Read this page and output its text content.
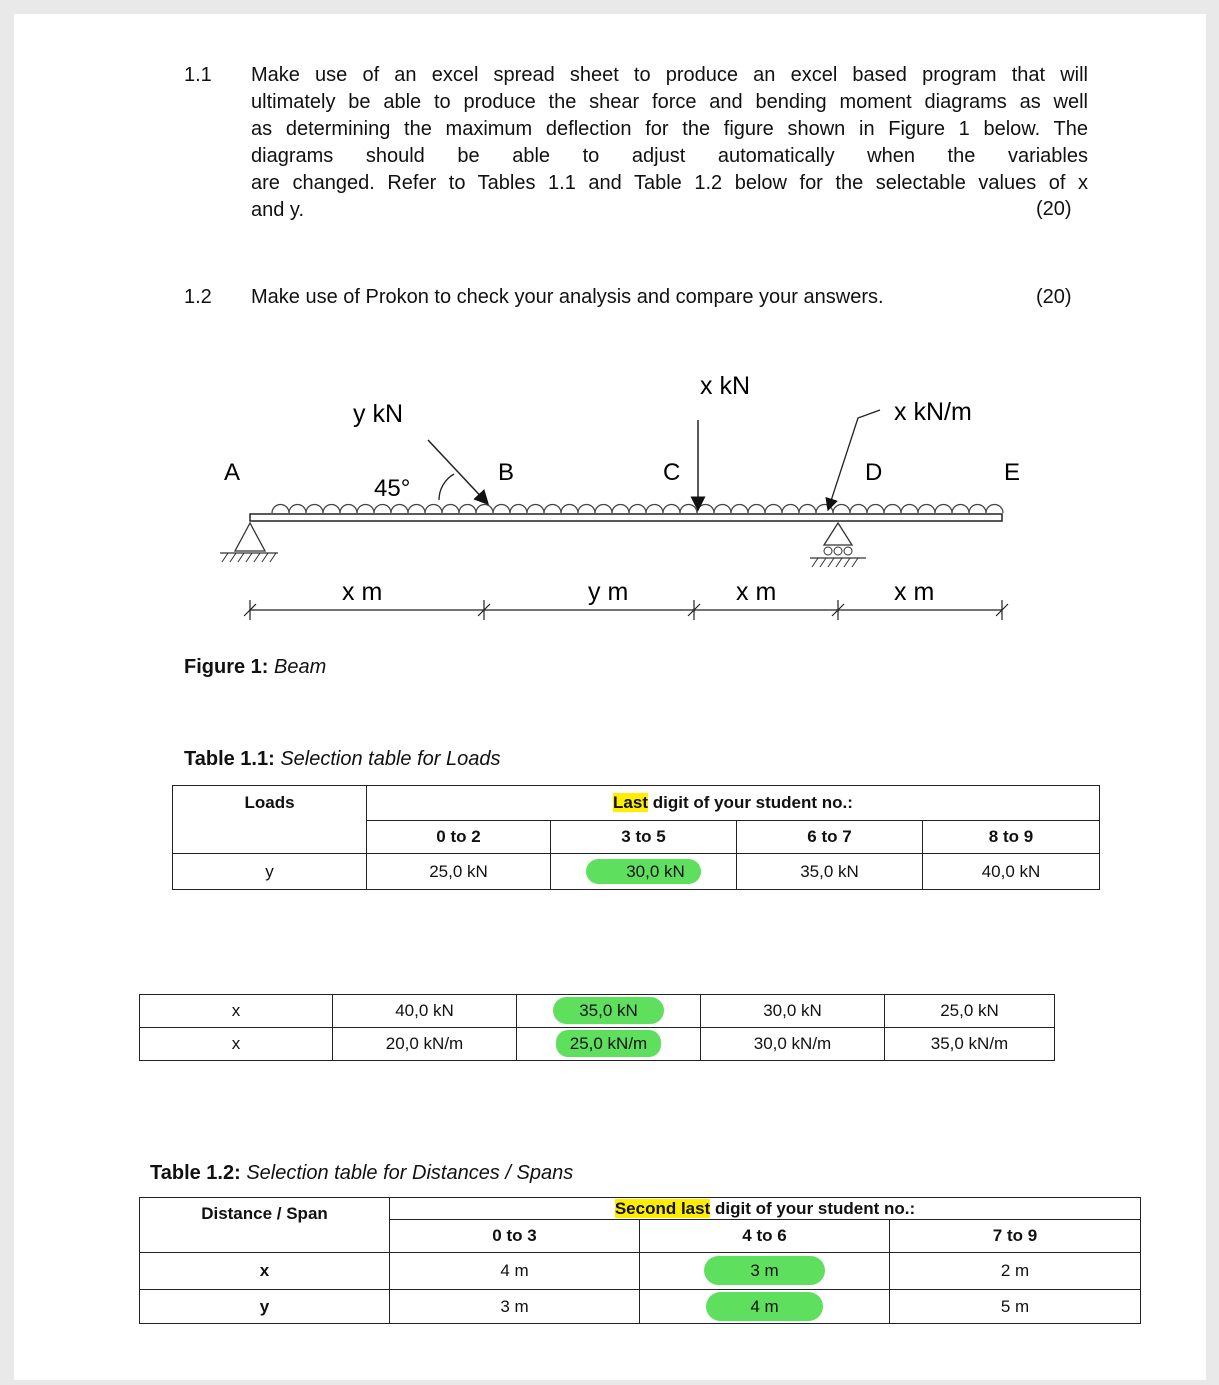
1.1 Make use of an excel spread sheet to produce an excel based program that will
ultimately be able to produce the shear force and bending moment diagrams as well
as determining the maximum deflection for the figure shown in Figure 1 below. The
diagrams should be able to adjust automatically when the variables
are changed. Refer to Tables 1.1 and Table 1.2 below for the selectable values of x
and y.	(20)
1.2 Make use of Prokon to check your analysis and compare your answers.	(20)
A	B	C	D	E
y kN
45°
x kN
x kN/m
x m	y m	x m	x m
Figure 1: Beam
Table 1.1: Selection table for Loads
Loads	Last digit of your student no.:			
	0 to 2	3 to 5	6 to 7	8 to 9
y	25,0 kN	30,0 kN	35,0 kN	40,0 kN
x	40,0 kN	35,0 kN	30,0 kN	25,0 kN
x	20,0 kN/m	25,0 kN/m	30,0 kN/m	35,0 kN/m
Table 1.2: Selection table for Distances / Spans
Distance / Span	Second last digit of your student no.:		
	0 to 3	4 to 6	7 to 9
x	4 m	3 m	2 m
y	3 m	4 m	5 m
